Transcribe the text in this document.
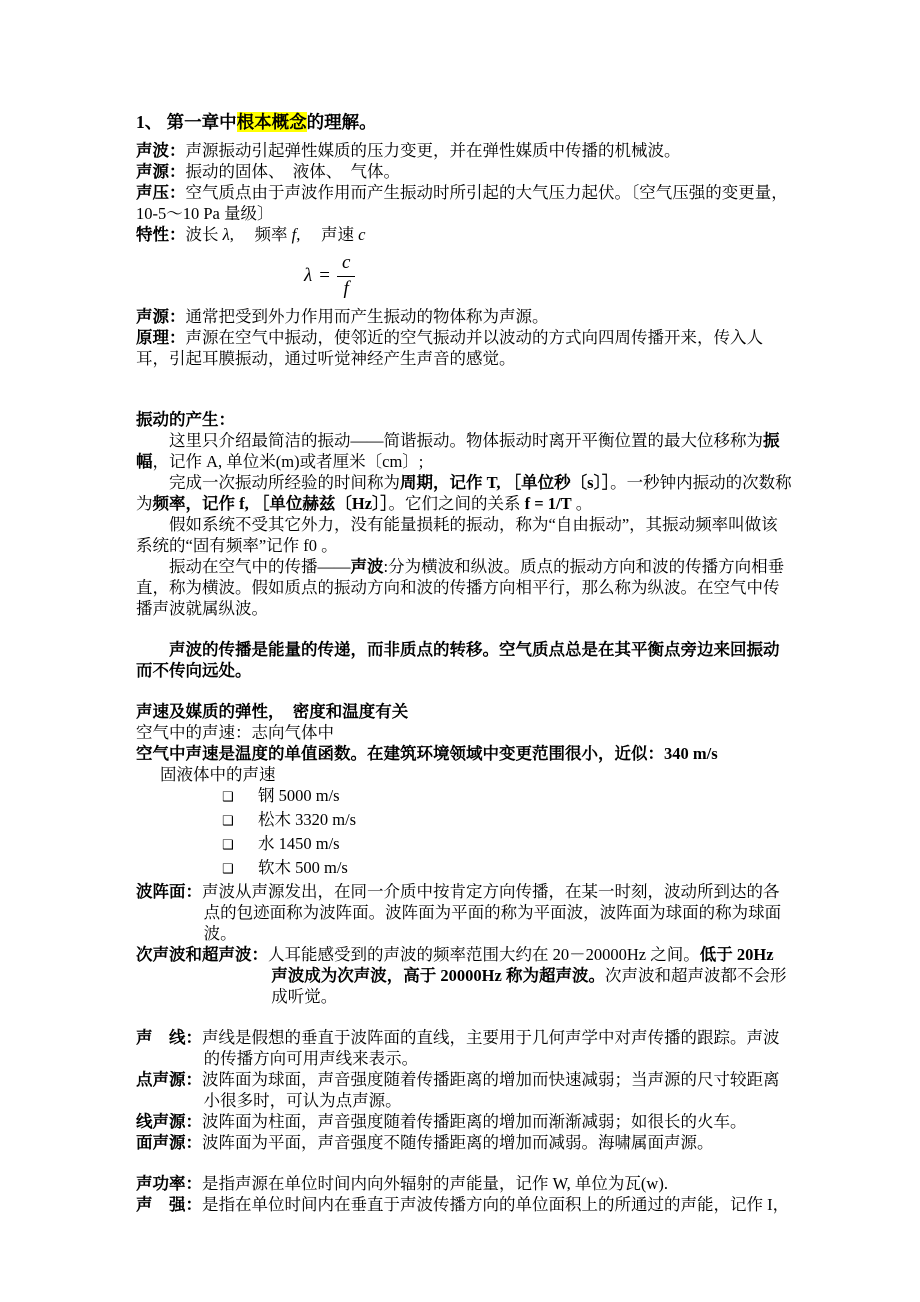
1、 第一章中根本概念的理解。
声波：声源振动引起弹性媒质的压力变更，并在弹性媒质中传播的机械波。
声源：振动的固体、　液体、　气体。
声压：空气质点由于声波作用而产生振动时所引起的大气压力起伏。〔空气压强的变更量，10-5～10 Pa 量级〕
特性：波长 λ,　 频率 f,　 声速 c
$\lambda = \frac{c}{f}$
声源：通常把受到外力作用而产生振动的物体称为声源。
原理：声源在空气中振动，使邻近的空气振动并以波动的方式向四周传播开来，传入人耳，引起耳膜振动，通过听觉神经产生声音的感觉。
振动的产生：
这里只介绍最简洁的振动——简谐振动。物体振动时离开平衡位置的最大位移称为振幅，记作 A, 单位米(m)或者厘米〔cm〕;
完成一次振动所经验的时间称为周期，记作 T, ［单位秒〔s〕］。一秒钟内振动的次数称为频率，记作 f, ［单位赫兹〔Hz〕］。它们之间的关系 f = 1/T 。
假如系统不受其它外力，没有能量损耗的振动，称为“自由振动”，其振动频率叫做该系统的“固有频率”记作 f0 。
振动在空气中的传播——声波:分为横波和纵波。质点的振动方向和波的传播方向相垂直，称为横波。假如质点的振动方向和波的传播方向相平行，那么称为纵波。在空气中传播声波就属纵波。
声波的传播是能量的传递，而非质点的转移。空气质点总是在其平衡点旁边来回振动而不传向远处。
声速及媒质的弹性，　密度和温度有关
空气中的声速：志向气体中
空气中声速是温度的单值函数。在建筑环境领域中变更范围很小，近似：340 m/s
固液体中的声速
❑ 钢 5000 m/s
❑ 松木 3320 m/s
❑ 水 1450 m/s
❑ 软木 500 m/s
波阵面：声波从声源发出，在同一介质中按肯定方向传播，在某一时刻，波动所到达的各点的包迹面称为波阵面。波阵面为平面的称为平面波，波阵面为球面的称为球面波。
次声波和超声波：人耳能感受到的声波的频率范围大约在 20－20000Hz 之间。低于 20Hz 声波成为次声波，高于 20000Hz 称为超声波。次声波和超声波都不会形成听觉。
声　线：声线是假想的垂直于波阵面的直线，主要用于几何声学中对声传播的跟踪。声波的传播方向可用声线来表示。
点声源：波阵面为球面，声音强度随着传播距离的增加而快速减弱；当声源的尺寸较距离小很多时，可认为点声源。
线声源：波阵面为柱面，声音强度随着传播距离的增加而渐渐减弱；如很长的火车。
面声源：波阵面为平面，声音强度不随传播距离的增加而减弱。海啸属面声源。
声功率：是指声源在单位时间内向外辐射的声能量，记作 W, 单位为瓦(w).
声　强：是指在单位时间内在垂直于声波传播方向的单位面积上的所通过的声能，记作 I，
